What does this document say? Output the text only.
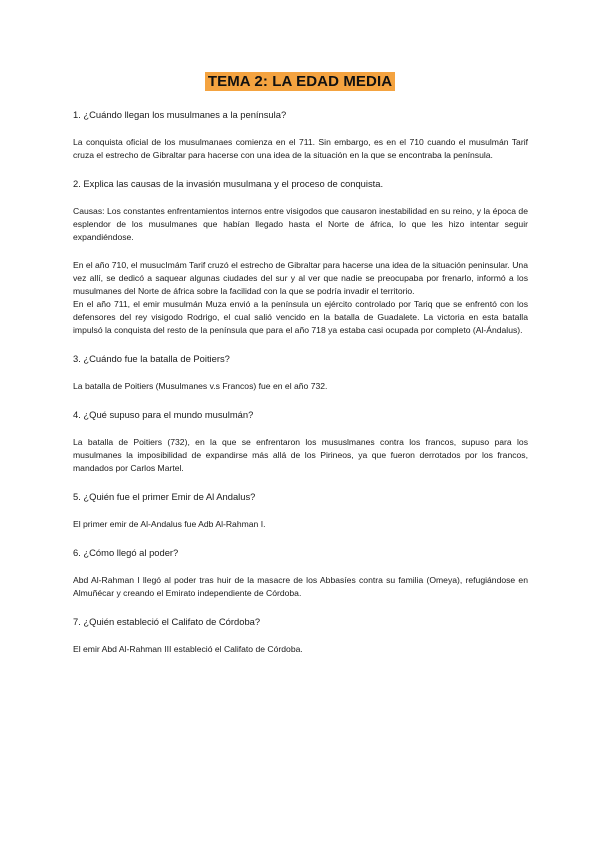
TEMA 2: LA EDAD MEDIA
1. ¿Cuándo llegan los musulmanes a la península?
La conquista oficial de los musulmanaes comienza en el 711. Sin embargo, es en el 710 cuando el musulmán Tarif cruza el estrecho de Gibraltar para hacerse con una idea de la situación en la que se encontraba la península.
2. Explica las causas de la invasión musulmana y el proceso de conquista.
Causas: Los constantes enfrentamientos internos entre visigodos que causaron inestabilidad en su reino, y la época de esplendor de los musulmanes que habían llegado hasta el Norte de áfrica, lo que les hizo intentar seguir expandiéndose.
En el año 710, el musucImám Tarif cruzó el estrecho de Gibraltar para hacerse una idea de la situación peninsular. Una vez allí, se dedicó a saquear algunas ciudades del sur y al ver que nadie se preocupaba por frenarlo, informó a los musulmanes del Norte de áfrica sobre la facilidad con la que se podría invadir el territorio.
En el año 711, el emir musulmán Muza envió a la península un ejército controlado por Tariq que se enfrentó con los defensores del rey visigodo Rodrigo, el cual salió vencido en la batalla de Guadalete. La victoria en esta batalla impulsó la conquista del resto de la península que para el año 718 ya estaba casi ocupada por completo (Al-Ándalus).
3. ¿Cuándo fue la batalla de Poitiers?
La batalla de Poitiers (Musulmanes v.s Francos) fue en el año 732.
4. ¿Qué supuso para el mundo musulmán?
La batalla de Poitiers (732), en la que se enfrentaron los mususlmanes contra los francos, supuso para los musulmanes la imposibilidad de expandirse más allá de los Pirineos, ya que fueron derrotados por los francos, mandados por Carlos Martel.
5. ¿Quién fue el primer Emir de Al Andalus?
El primer emir de Al-Andalus fue Adb Al-Rahman I.
6. ¿Cómo llegó al poder?
Abd Al-Rahman I llegó al poder tras huir de la masacre de los Abbasíes contra su familia (Omeya), refugiándose en Almuñécar y creando el Emirato independiente de Córdoba.
7. ¿Quién estableció el Califato de Córdoba?
El emir Abd Al-Rahman III estableció el Califato de Córdoba.
